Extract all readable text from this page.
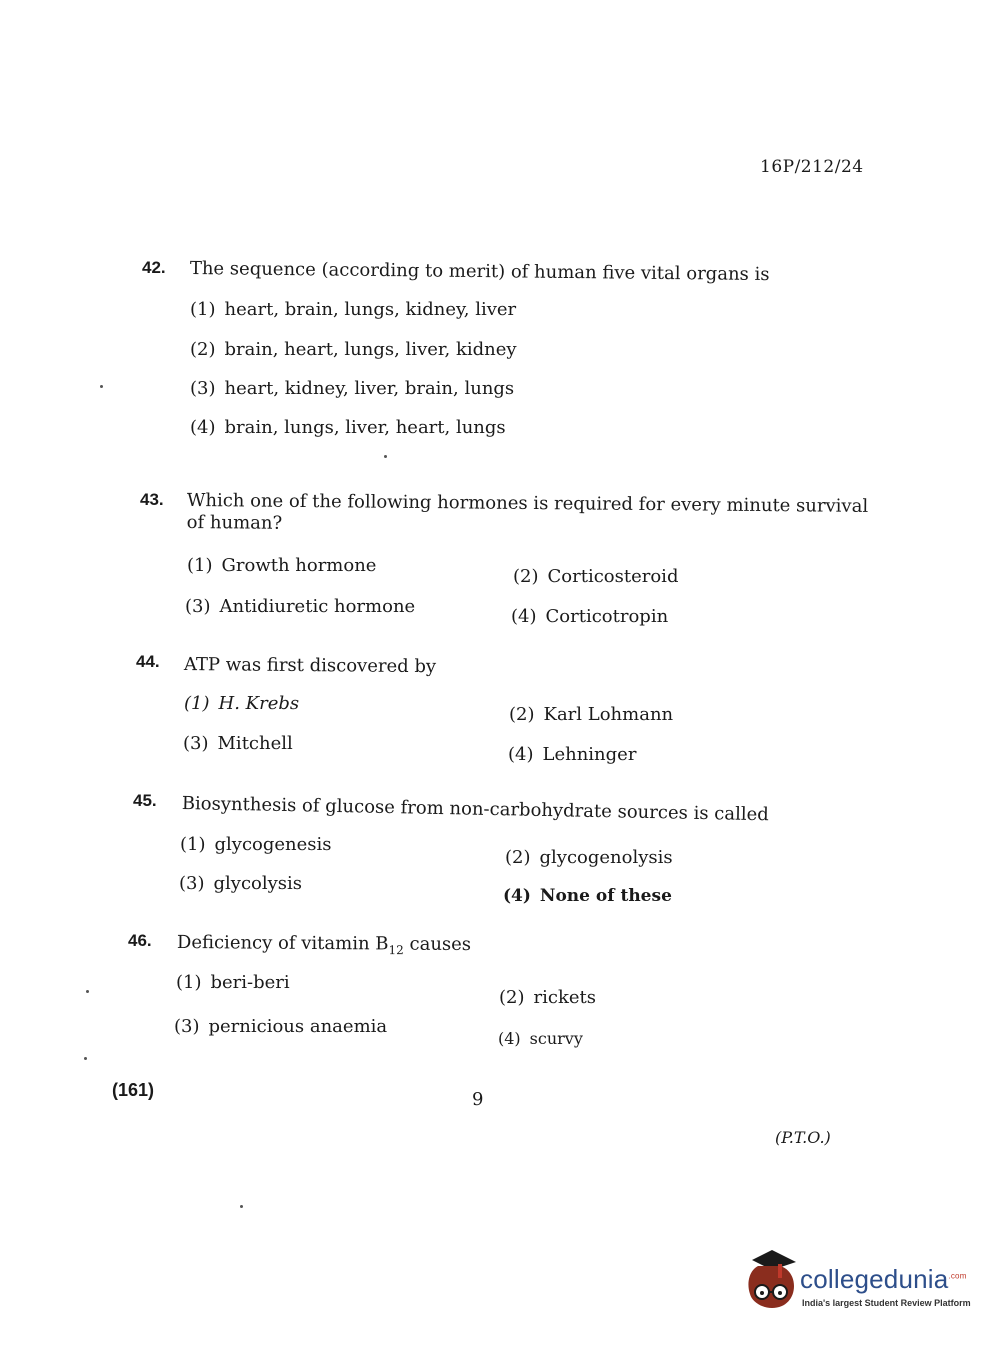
16P/212/24
42. The sequence (according to merit) of human five vital organs is
(1) heart, brain, lungs, kidney, liver
(2) brain, heart, lungs, liver, kidney
(3) heart, kidney, liver, brain, lungs
(4) brain, lungs, liver, heart, lungs
43. Which one of the following hormones is required for every minute survival of human?
(1) Growth hormone
(2) Corticosteroid
(3) Antidiuretic hormone	(4) Corticotropin
44. ATP was first discovered by
(1) H. Krebs
(2) Karl Lohmann
(3) Mitchell
(4) Lehninger
45. Biosynthesis of glucose from non-carbohydrate sources is called
(1) glycogenesis
(2) glycogenolysis
(3) glycolysis
(4) None of these
46. Deficiency of vitamin $B_{12}$ causes
(1) beri-beri
(2) rickets
(3) pernicious anaemia
(4) scurvy
(161)	9
(P.T.O.)
collegedunia$^{.com}$
India's largest Student Review Platform
